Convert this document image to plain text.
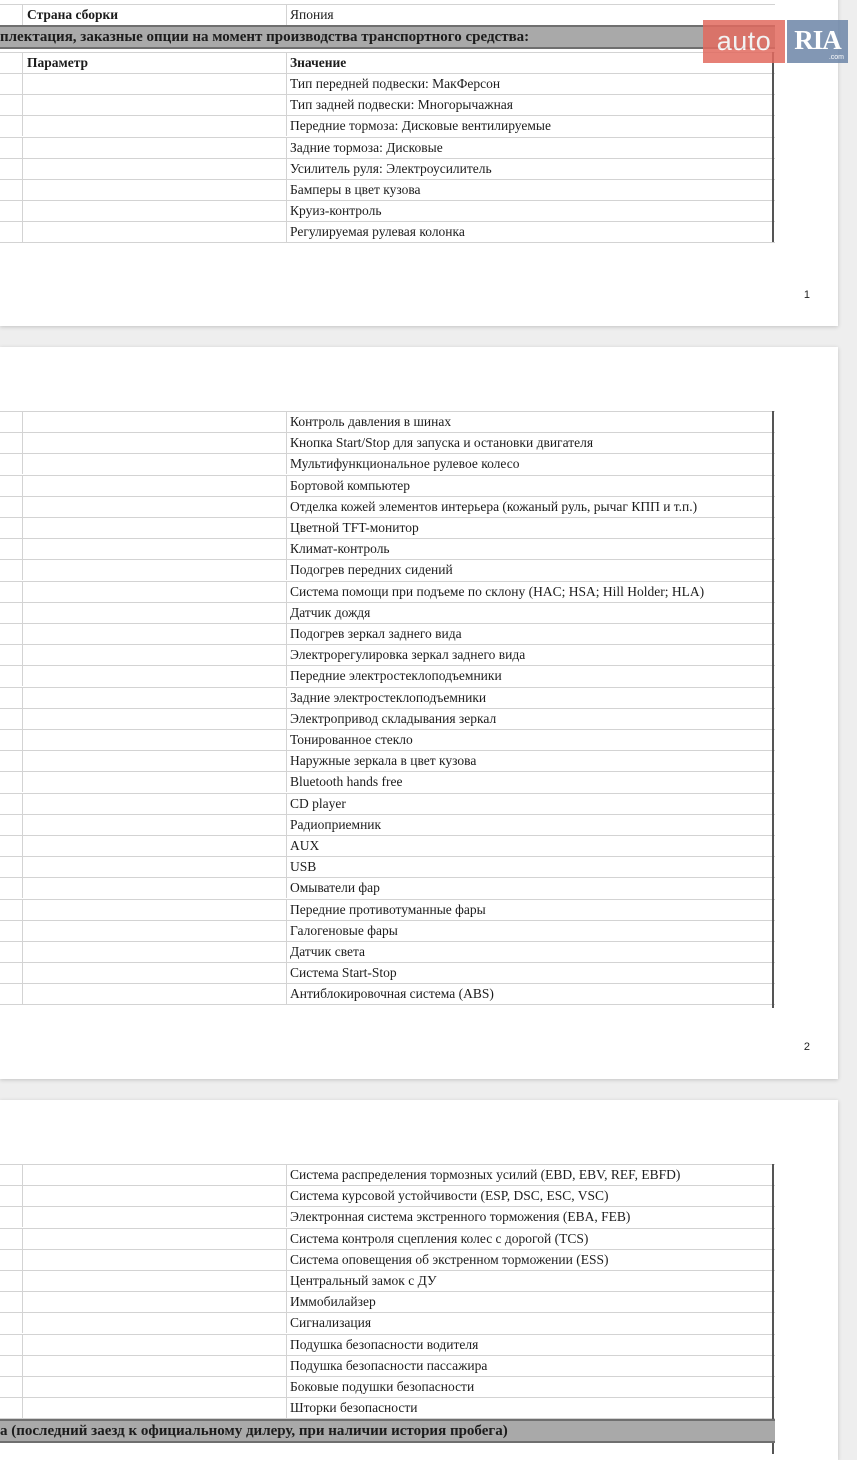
Страна сборки	Япония
плектация, заказные опции на момент производства транспортного средства:
Параметр	Значение
Тип передней подвески: МакФерсон
Тип задней подвески: Многорычажная
Передние тормоза: Дисковые вентилируемые
Задние тормоза: Дисковые
Усилитель руля: Электроусилитель
Бамперы в цвет кузова
Круиз-контроль
Регулируемая рулевая колонка
1
Контроль давления в шинах
Кнопка Start/Stop для запуска и остановки двигателя
Мультифункциональное рулевое колесо
Бортовой компьютер
Отделка кожей элементов интерьера (кожаный руль, рычаг КПП и т.п.)
Цветной TFT-монитор
Климат-контроль
Подогрев передних сидений
Система помощи при подъеме по склону (HAC; HSA; Hill Holder; HLA)
Датчик дождя
Подогрев зеркал заднего вида
Электрорегулировка зеркал заднего вида
Передние электростеклоподъемники
Задние электростеклоподъемники
Электропривод складывания зеркал
Тонированное стекло
Наружные зеркала в цвет кузова
Bluetooth hands free
CD player
Радиоприемник
AUX
USB
Омыватели фар
Передние противотуманные фары
Галогеновые фары
Датчик света
Система Start-Stop
Антиблокировочная система (ABS)
2
Система распределения тормозных усилий (EBD, EBV, REF, EBFD)
Система курсовой устойчивости (ESP, DSC, ESC, VSC)
Электронная система экстренного торможения (EBA, FEB)
Система контроля сцепления колес с дорогой (TCS)
Система оповещения об экстренном торможении (ESS)
Центральный замок с ДУ
Иммобилайзер
Сигнализация
Подушка безопасности водителя
Подушка безопасности пассажира
Боковые подушки безопасности
Шторки безопасности
а (последний заезд к официальному дилеру, при наличии история пробега)
auto RIA
.com
